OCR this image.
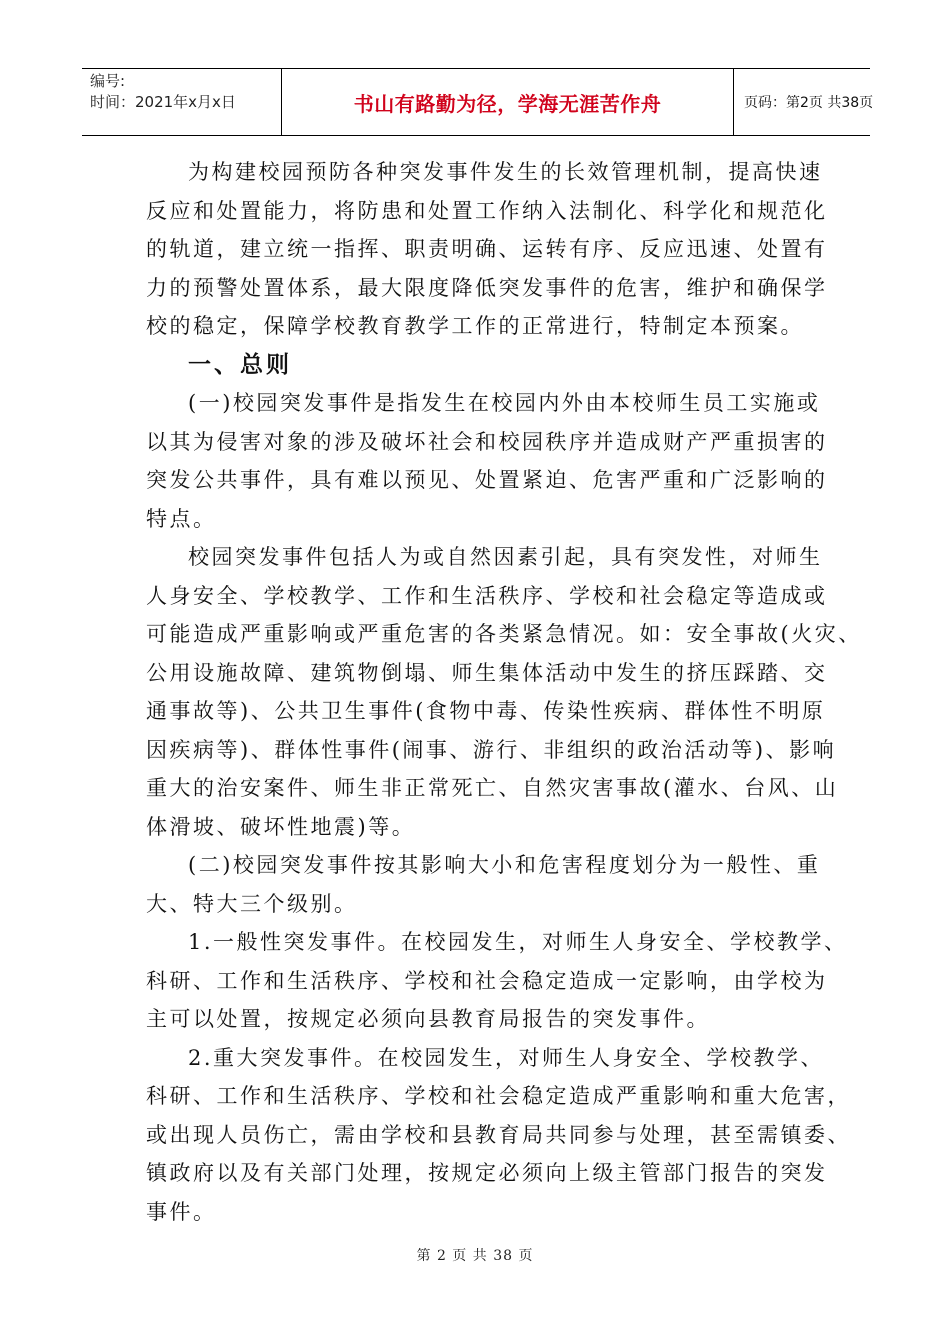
编号:
时间：2021年x月x日	书山有路勤为径，学海无涯苦作舟	页码：第2页 共38页

为构建校园预防各种突发事件发生的长效管理机制，提高快速

反应和处置能力，将防患和处置工作纳入法制化、科学化和规范化

的轨道，建立统一指挥、职责明确、运转有序、反应迅速、处置有

力的预警处置体系，最大限度降低突发事件的危害，维护和确保学

校的稳定，保障学校教育教学工作的正常进行，特制定本预案。

一、总则

(一)校园突发事件是指发生在校园内外由本校师生员工实施或

以其为侵害对象的涉及破坏社会和校园秩序并造成财产严重损害的

突发公共事件，具有难以预见、处置紧迫、危害严重和广泛影响的

特点。

校园突发事件包括人为或自然因素引起，具有突发性，对师生

人身安全、学校教学、工作和生活秩序、学校和社会稳定等造成或

可能造成严重影响或严重危害的各类紧急情况。如：安全事故(火灾、

公用设施故障、建筑物倒塌、师生集体活动中发生的挤压踩踏、交

通事故等)、公共卫生事件(食物中毒、传染性疾病、群体性不明原

因疾病等)、群体性事件(闹事、游行、非组织的政治活动等)、影响

重大的治安案件、师生非正常死亡、自然灾害事故(灌水、台风、山

体滑坡、破坏性地震)等。

(二)校园突发事件按其影响大小和危害程度划分为一般性、重

大、特大三个级别。

1.一般性突发事件。在校园发生，对师生人身安全、学校教学、

科研、工作和生活秩序、学校和社会稳定造成一定影响，由学校为

主可以处置，按规定必须向县教育局报告的突发事件。

2.重大突发事件。在校园发生，对师生人身安全、学校教学、

科研、工作和生活秩序、学校和社会稳定造成严重影响和重大危害，

或出现人员伤亡，需由学校和县教育局共同参与处理，甚至需镇委、

镇政府以及有关部门处理，按规定必须向上级主管部门报告的突发

事件。

第 2 页 共 38 页
